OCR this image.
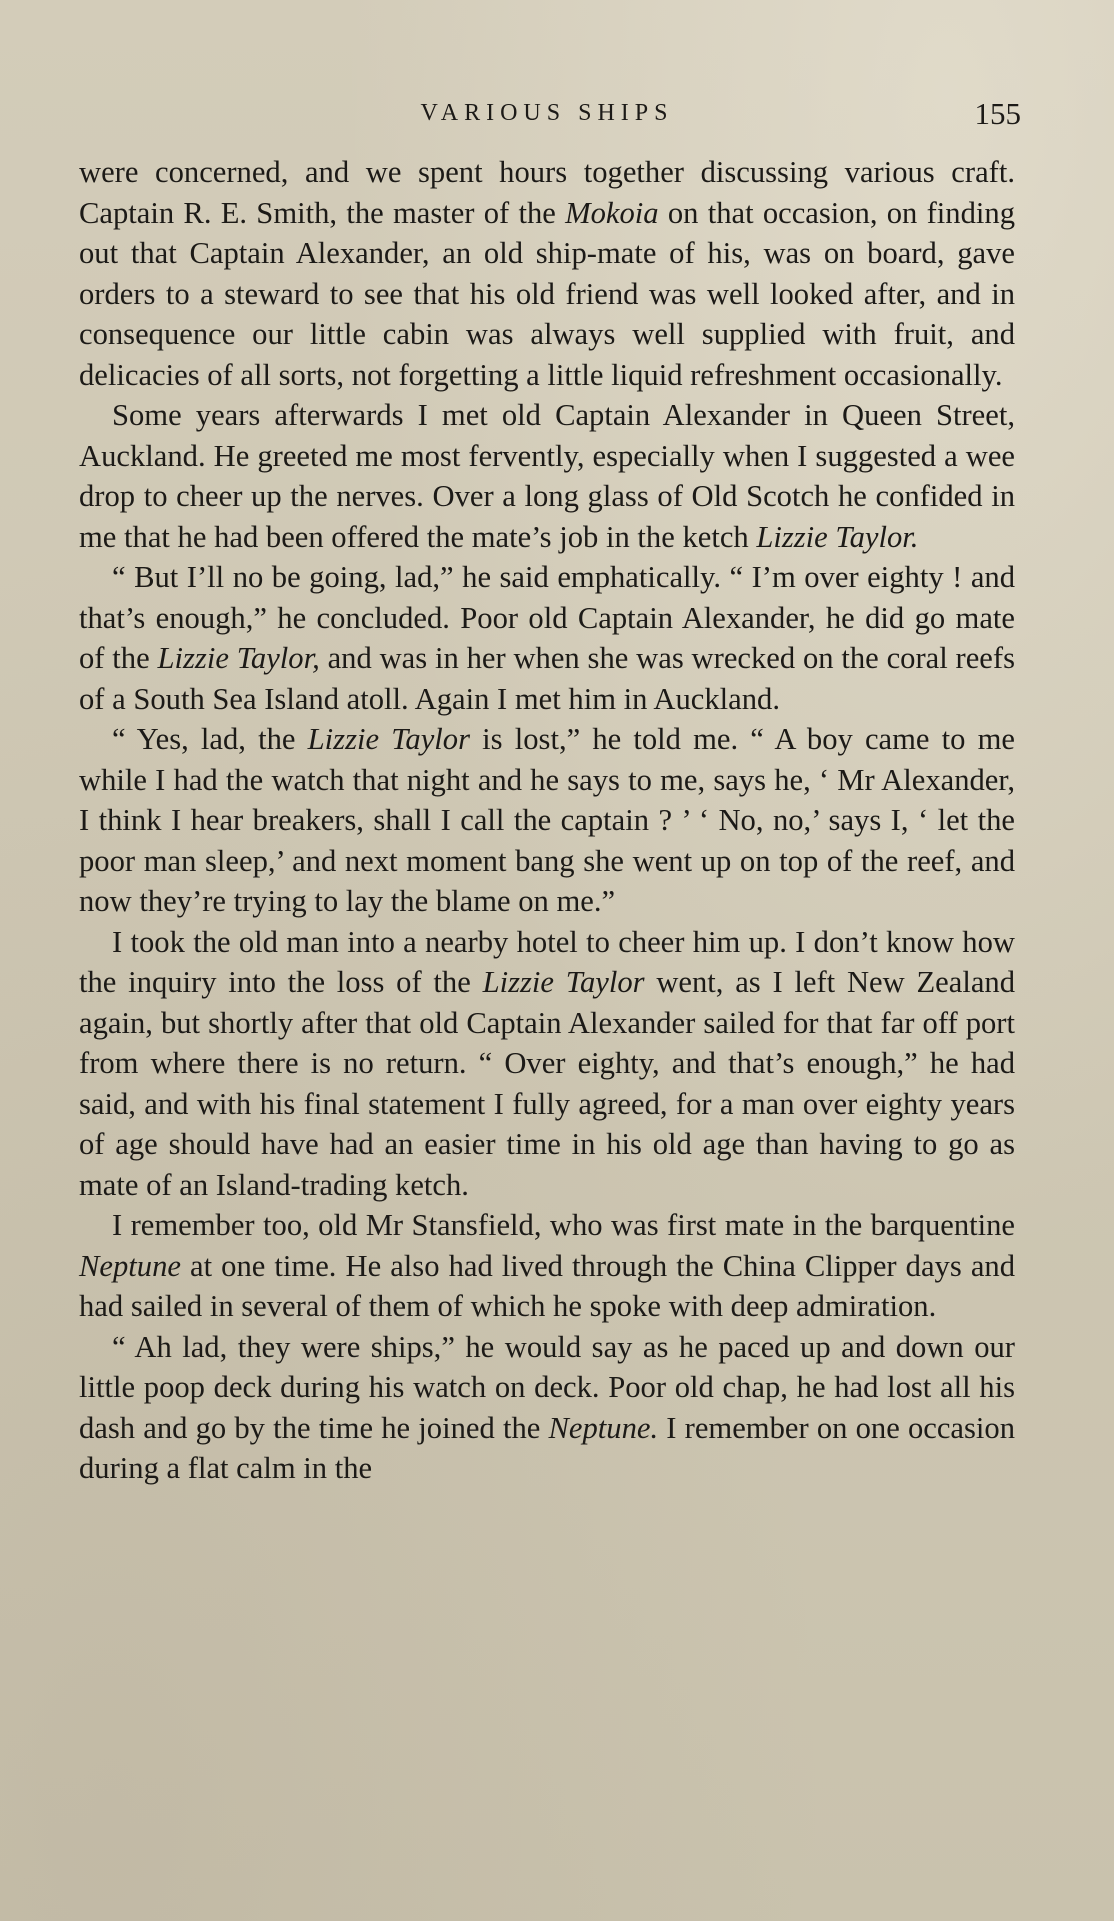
VARIOUS SHIPS	155

were concerned, and we spent hours together discussing various craft. Captain R. E. Smith, the master of the Mokoia on that occasion, on finding out that Captain Alexander, an old ship-mate of his, was on board, gave orders to a steward to see that his old friend was well looked after, and in consequence our little cabin was always well supplied with fruit, and delicacies of all sorts, not forgetting a little liquid refreshment occasionally.

Some years afterwards I met old Captain Alexander in Queen Street, Auckland. He greeted me most fervently, especially when I suggested a wee drop to cheer up the nerves. Over a long glass of Old Scotch he confided in me that he had been offered the mate’s job in the ketch Lizzie Taylor.

“ But I’ll no be going, lad,” he said emphatically. “ I’m over eighty ! and that’s enough,” he concluded. Poor old Captain Alexander, he did go mate of the Lizzie Taylor, and was in her when she was wrecked on the coral reefs of a South Sea Island atoll. Again I met him in Auckland.

“ Yes, lad, the Lizzie Taylor is lost,” he told me. “ A boy came to me while I had the watch that night and he says to me, says he, ‘ Mr Alexander, I think I hear breakers, shall I call the captain ? ’ ‘ No, no,’ says I, ‘ let the poor man sleep,’ and next moment bang she went up on top of the reef, and now they’re trying to lay the blame on me.”

I took the old man into a nearby hotel to cheer him up. I don’t know how the inquiry into the loss of the Lizzie Taylor went, as I left New Zealand again, but shortly after that old Captain Alexander sailed for that far off port from where there is no return. “ Over eighty, and that’s enough,” he had said, and with his final statement I fully agreed, for a man over eighty years of age should have had an easier time in his old age than having to go as mate of an Island-trading ketch.

I remember too, old Mr Stansfield, who was first mate in the barquentine Neptune at one time. He also had lived through the China Clipper days and had sailed in several of them of which he spoke with deep admiration.

“ Ah lad, they were ships,” he would say as he paced up and down our little poop deck during his watch on deck. Poor old chap, he had lost all his dash and go by the time he joined the Neptune. I remember on one occasion during a flat calm in the
